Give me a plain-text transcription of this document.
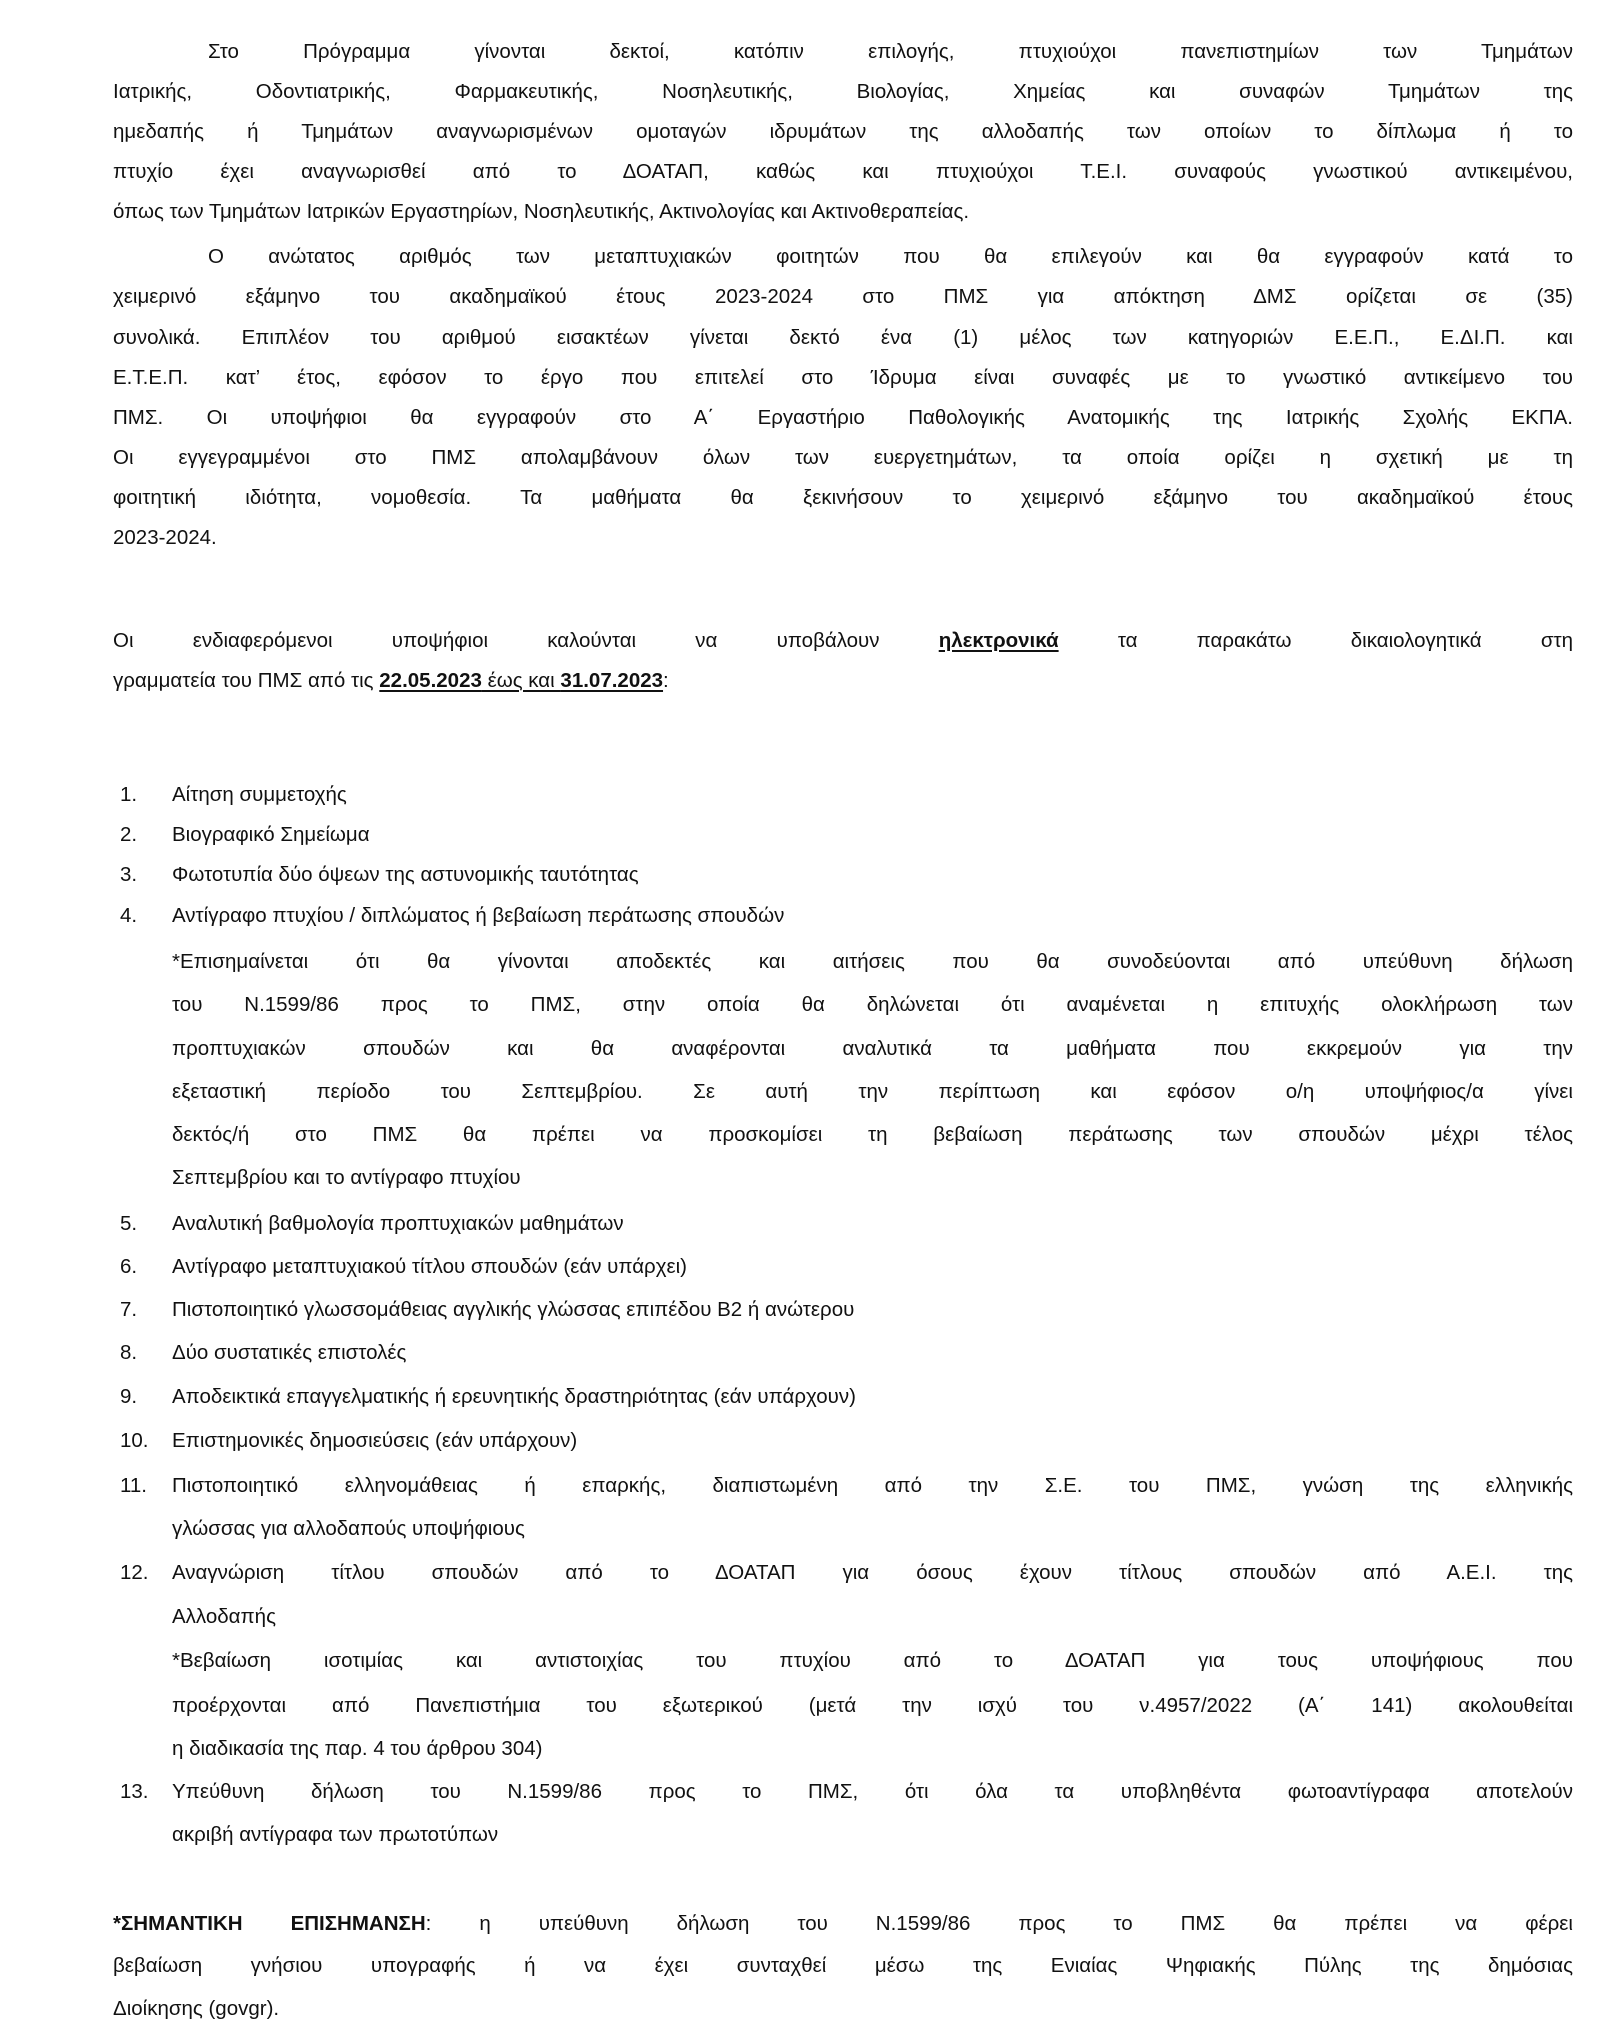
Στο Πρόγραμμα γίνονται δεκτοί, κατόπιν επιλογής, πτυχιούχοι πανεπιστημίων των Τμημάτων
Ιατρικής, Οδοντιατρικής, Φαρμακευτικής, Νοσηλευτικής, Βιολογίας, Χημείας και συναφών Τμημάτων της
ημεδαπής ή Τμημάτων αναγνωρισμένων ομοταγών ιδρυμάτων της αλλοδαπής των οποίων το δίπλωμα ή το
πτυχίο έχει αναγνωρισθεί από το ΔΟΑΤΑΠ, καθώς και πτυχιούχοι Τ.Ε.Ι. συναφούς γνωστικού αντικειμένου,
όπως των Τμημάτων Ιατρικών Εργαστηρίων, Νοσηλευτικής, Ακτινολογίας και Ακτινοθεραπείας.
Ο ανώτατος αριθμός των μεταπτυχιακών φοιτητών που θα επιλεγούν και θα εγγραφούν κατά το
χειμερινό εξάμηνο του ακαδημαϊκού έτους 2023-2024 στο ΠΜΣ για απόκτηση ΔΜΣ ορίζεται σε (35)
συνολικά. Επιπλέον του αριθμού εισακτέων γίνεται δεκτό ένα (1) μέλος των κατηγοριών Ε.Ε.Π., Ε.ΔΙ.Π. και
Ε.Τ.Ε.Π. κατ’ έτος, εφόσον το έργο που επιτελεί στο Ίδρυμα είναι συναφές με το γνωστικό αντικείμενο του
ΠΜΣ. Οι υποψήφιοι θα εγγραφούν στο Α΄ Εργαστήριο Παθολογικής Ανατομικής της Ιατρικής Σχολής ΕΚΠΑ.
Οι εγγεγραμμένοι στο ΠΜΣ απολαμβάνουν όλων των ευεργετημάτων, τα οποία ορίζει η σχετική με τη
φοιτητική ιδιότητα, νομοθεσία. Τα μαθήματα θα ξεκινήσουν το χειμερινό εξάμηνο του ακαδημαϊκού έτους
2023-2024.
Οι ενδιαφερόμενοι υποψήφιοι καλούνται να υποβάλουν	ηλεκτρονικά	τα παρακάτω δικαιολογητικά στη
γραμματεία του ΠΜΣ από τις 22.05.2023 έως και 31.07.2023:
1. Αίτηση συμμετοχής
2. Βιογραφικό Σημείωμα
3. Φωτοτυπία δύο όψεων της αστυνομικής ταυτότητας
4. Αντίγραφο πτυχίου / διπλώματος ή βεβαίωση περάτωσης σπουδών
*Επισημαίνεται ότι θα γίνονται αποδεκτές και αιτήσεις που θα συνοδεύονται από υπεύθυνη δήλωση
του Ν.1599/86 προς το ΠΜΣ, στην οποία θα δηλώνεται ότι αναμένεται η επιτυχής ολοκλήρωση των
προπτυχιακών σπουδών και θα αναφέρονται αναλυτικά τα μαθήματα που εκκρεμούν για την
εξεταστική περίοδο του Σεπτεμβρίου. Σε αυτή την περίπτωση και εφόσον ο/η υποψήφιος/α γίνει
δεκτός/ή στο ΠΜΣ θα πρέπει να προσκομίσει τη βεβαίωση περάτωσης των σπουδών μέχρι τέλος
Σεπτεμβρίου και το αντίγραφο πτυχίου
5. Αναλυτική βαθμολογία προπτυχιακών μαθημάτων
6. Αντίγραφο μεταπτυχιακού τίτλου σπουδών (εάν υπάρχει)
7. Πιστοποιητικό γλωσσομάθειας αγγλικής γλώσσας επιπέδου Β2 ή ανώτερου
8. Δύο συστατικές επιστολές
9. Αποδεικτικά επαγγελματικής ή ερευνητικής δραστηριότητας (εάν υπάρχουν)
10. Επιστημονικές δημοσιεύσεις (εάν υπάρχουν)
11.	Πιστοποιητικό ελληνομάθειας ή επαρκής, διαπιστωμένη από την Σ.Ε. του ΠΜΣ, γνώση της ελληνικής
γλώσσας για αλλοδαπούς υποψήφιους
12.	Αναγνώριση τίτλου σπουδών από το ΔΟΑΤΑΠ για όσους έχουν τίτλους σπουδών από Α.Ε.Ι. της
Αλλοδαπής
*Βεβαίωση ισοτιμίας και αντιστοιχίας του πτυχίου από το ΔΟΑΤΑΠ για τους υποψήφιους που
προέρχονται από Πανεπιστήμια του εξωτερικού (μετά την ισχύ του ν.4957/2022 (Α΄ 141) ακολουθείται
η διαδικασία της παρ. 4 του άρθρου 304)
13.	Υπεύθυνη δήλωση του Ν.1599/86 προς το ΠΜΣ, ότι όλα τα υποβληθέντα φωτοαντίγραφα αποτελούν
ακριβή αντίγραφα των πρωτοτύπων
*ΣΗΜΑΝΤΙΚΗ ΕΠΙΣΗΜΑΝΣΗ: η υπεύθυνη δήλωση του Ν.1599/86 προς το ΠΜΣ θα πρέπει να φέρει
βεβαίωση γνήσιου υπογραφής ή να έχει συνταχθεί μέσω της Ενιαίας Ψηφιακής Πύλης της δημόσιας
Διοίκησης (govgr).
